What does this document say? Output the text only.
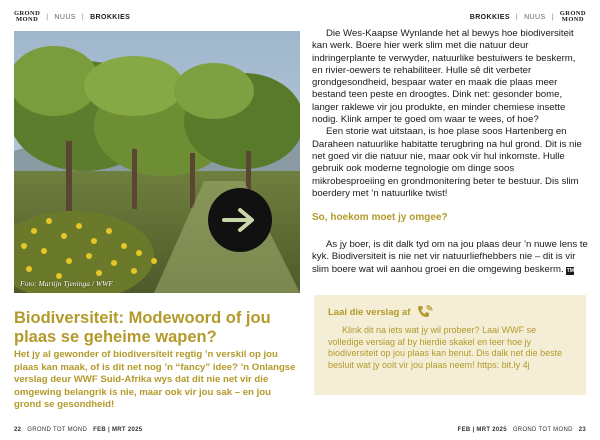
GROND
MOND | NUUS | BROKKIES
Foto: Martijn Tjeninga / WWF
Biodiversiteit: Modewoord of jou plaas se geheime wapen?

Het jy al gewonder of biodiversiteit regtig ’n verskil op jou plaas kan maak, of is dit net nog ’n “fancy” idee? ’n Onlangse verslag deur WWF Suid-Afrika wys dat dit nie net vir die omgewing belangrik is nie, maar ook vir jou sak – en jou grond se gesondheid!

22 GROND TOT MOND FEB | MRT 2025
BROKKIES | NUUS | GROND
MOND

Die Wes-Kaapse Wynlande het al bewys hoe biodiversiteit kan werk. Boere hier werk slim met die natuur deur indringerplante te verwyder, natuurlike bestuiwers te beskerm, en rivier-oewers te rehabiliteer. Hulle sê dit verbeter grondgesondheid, bespaar water en maak die plaas meer bestand teen peste en droogtes. Dink net: gesonder bome, langer raklewe vir jou produkte, en minder chemiese insette nodig. Klink amper te goed om waar te wees, of hoe?

Een storie wat uitstaan, is hoe plase soos Hartenberg en Daraheen natuurlike habitatte terugbring na hul grond. Dit is nie net goed vir die natuur nie, maar ook vir hul inkomste. Hulle gebruik ook moderne tegnologie om dinge soos mikrobesproeiing en grondmonitering beter te bestuur. Dis slim boerdery met ’n natuurlike twist!

So, hoekom moet jy omgee?

As jy boer, is dit dalk tyd om na jou plaas deur ’n nuwe lens te kyk. Biodiversiteit is nie net vir natuurliefhebbers nie – dit is vir slim boere wat wil aanhou groei en die omgewing beskerm. TM

Laai die verslag af

Klink dit na iets wat jy wil probeer? Laai WWF se volledige verslag af by hierdie skakel en leer hoe jy biodiversiteit op jou plaas kan benut. Dis dalk net die beste besluit wat jy ooit vir jou plaas neem! https: bit.ly 4j

FEB | MRT 2025 GROND TOT MOND 23
